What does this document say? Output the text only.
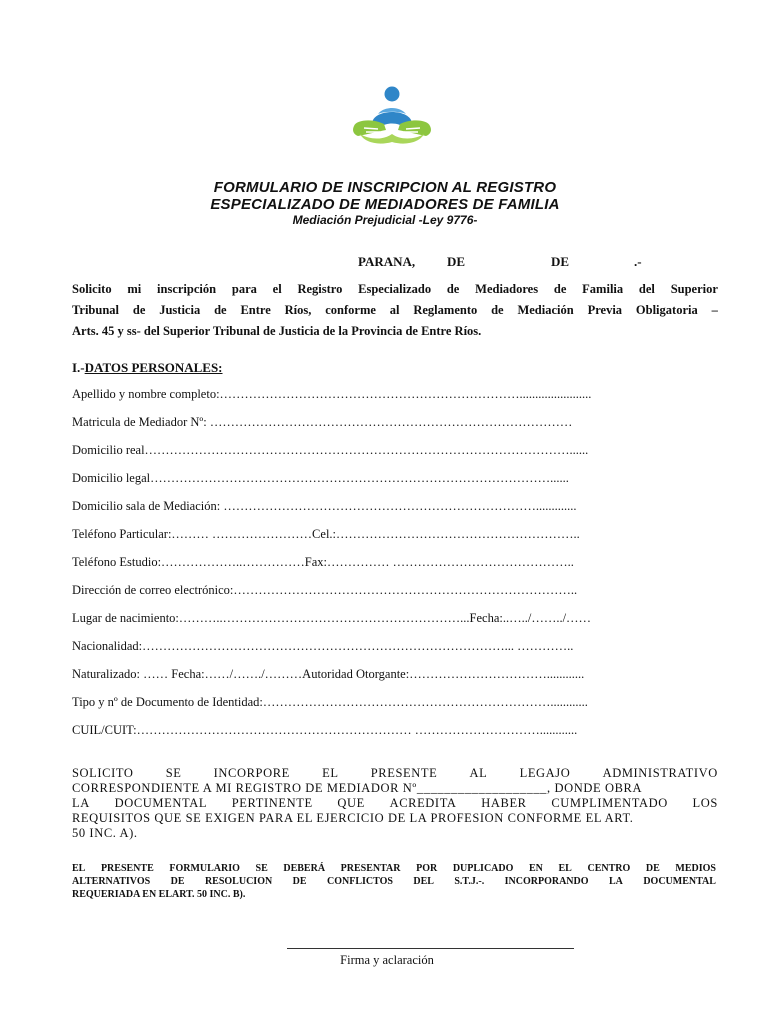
FORMULARIO DE INSCRIPCION AL REGISTRO
ESPECIALIZADO DE MEDIADORES DE FAMILIA
Mediación Prejudicial -Ley 9776-
PARANA, DE	DE	.-
Solicito mi inscripción para el Registro Especializado de Mediadores de Familia del Superior
Tribunal de Justicia de Entre Ríos, conforme al Reglamento de Mediación Previa Obligatoria –
Arts. 45 y ss- del Superior Tribunal de Justicia de la Provincia de Entre Ríos.
I.-DATOS PERSONALES:
Apellido y nombre completo:……………………………………………………………….......................
Matricula de Mediador Nº: ……………………………………………………………………………
Domicilio real…………………………………………………………………………………………......
Domicilio legal……………………………………………………………………………………......
Domicilio sala de Mediación: ………………………………………………………………….............
Teléfono Particular:……… ……………………Cel.:…………………………………………………..
Teléfono Estudio:………………..……………Fax:…………… ……………………………………..
Dirección de correo electrónico:………………………………………………………………………..
Lugar de nacimiento:………..…………………………………………………...Fecha:..…../……../……
Nacionalidad:……………………………………………………………………………... …………..
Naturalizado: …… Fecha:……/……./………Autoridad Otorgante:……………………………............
Tipo y nº de Documento de Identidad:……………………………………………………………............
CUIL/CUIT:………………………………………………………… …………………………............
SOLICITO	SE	INCORPORE	EL	PRESENTE	AL	LEGAJO	ADMINISTRATIVO
CORRESPONDIENTE A MI REGISTRO DE MEDIADOR Nº___________________, DONDE OBRA
LA DOCUMENTAL PERTINENTE QUE ACREDITA HABER CUMPLIMENTADO LOS
REQUISITOS QUE SE EXIGEN PARA EL EJERCICIO DE LA PROFESION CONFORME EL ART.
50 INC. A).
EL PRESENTE FORMULARIO SE DEBERÁ PRESENTAR POR DUPLICADO EN EL CENTRO DE MEDIOS
ALTERNATIVOS DE RESOLUCION DE CONFLICTOS DEL S.T.J.-. INCORPORANDO LA DOCUMENTAL
REQUERIADA EN ELART. 50 INC. B).
Firma y aclaración
